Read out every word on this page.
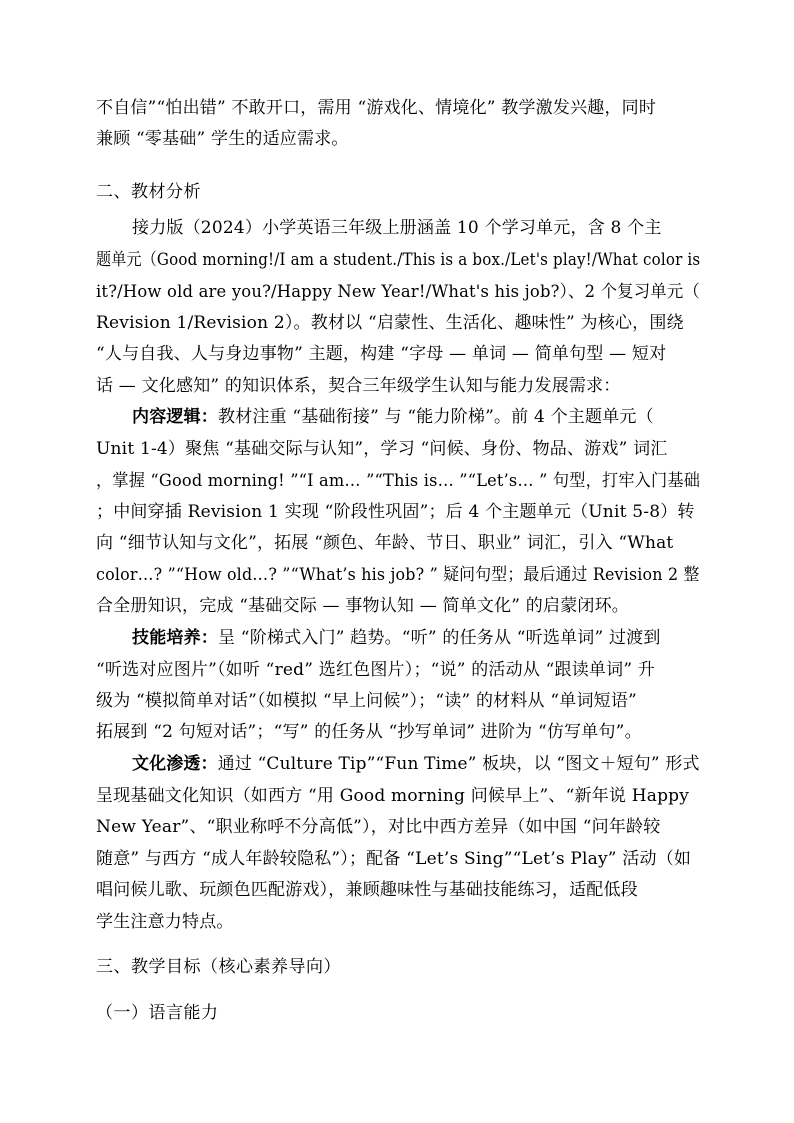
不自信”“怕出错” 不敢开口，需用 “游戏化、情境化” 教学激发兴趣，同时
兼顾 “零基础” 学生的适应需求。
二、教材分析
接力版（2024）小学英语三年级上册涵盖 10 个学习单元，含 8 个主
题单元（Good morning!/I am a student./This is a box./Let's play!/What color is
it?/How old are you?/Happy New Year!/What's his job?）、2 个复习单元（
Revision 1/Revision 2）。教材以 “启蒙性、生活化、趣味性” 为核心，围绕
“人与自我、人与身边事物” 主题，构建 “字母 — 单词 — 简单句型 — 短对
话 — 文化感知” 的知识体系，契合三年级学生认知与能力发展需求：
内容逻辑：教材注重 “基础衔接” 与 “能力阶梯”。前 4 个主题单元（
Unit 1-4）聚焦 “基础交际与认知”，学习 “问候、身份、物品、游戏” 词汇
，掌握 “Good morning! ”“I am… ”“This is… ”“Let’s… ” 句型，打牢入门基础
；中间穿插 Revision 1 实现 “阶段性巩固”；后 4 个主题单元（Unit 5-8）转
向 “细节认知与文化”，拓展 “颜色、年龄、节日、职业” 词汇，引入 “What
color…? ”“How old…? ”“What’s his job? ” 疑问句型；最后通过 Revision 2 整
合全册知识，完成 “基础交际 — 事物认知 — 简单文化” 的启蒙闭环。
技能培养：呈 “阶梯式入门” 趋势。“听” 的任务从 “听选单词” 过渡到
“听选对应图片”（如听 “red” 选红色图片）；“说” 的活动从 “跟读单词” 升
级为 “模拟简单对话”（如模拟 “早上问候”）；“读” 的材料从 “单词短语”
拓展到 “2 句短对话”；“写” 的任务从 “抄写单词” 进阶为 “仿写单句”。
文化渗透：通过 “Culture Tip”“Fun Time” 板块，以 “图文＋短句” 形式
呈现基础文化知识（如西方 “用 Good morning 问候早上”、“新年说 Happy
New Year”、“职业称呼不分高低”），对比中西方差异（如中国 “问年龄较
随意” 与西方 “成人年龄较隐私”）；配备 “Let’s Sing”“Let’s Play” 活动（如
唱问候儿歌、玩颜色匹配游戏），兼顾趣味性与基础技能练习，适配低段
学生注意力特点。
三、教学目标（核心素养导向）
（一）语言能力
